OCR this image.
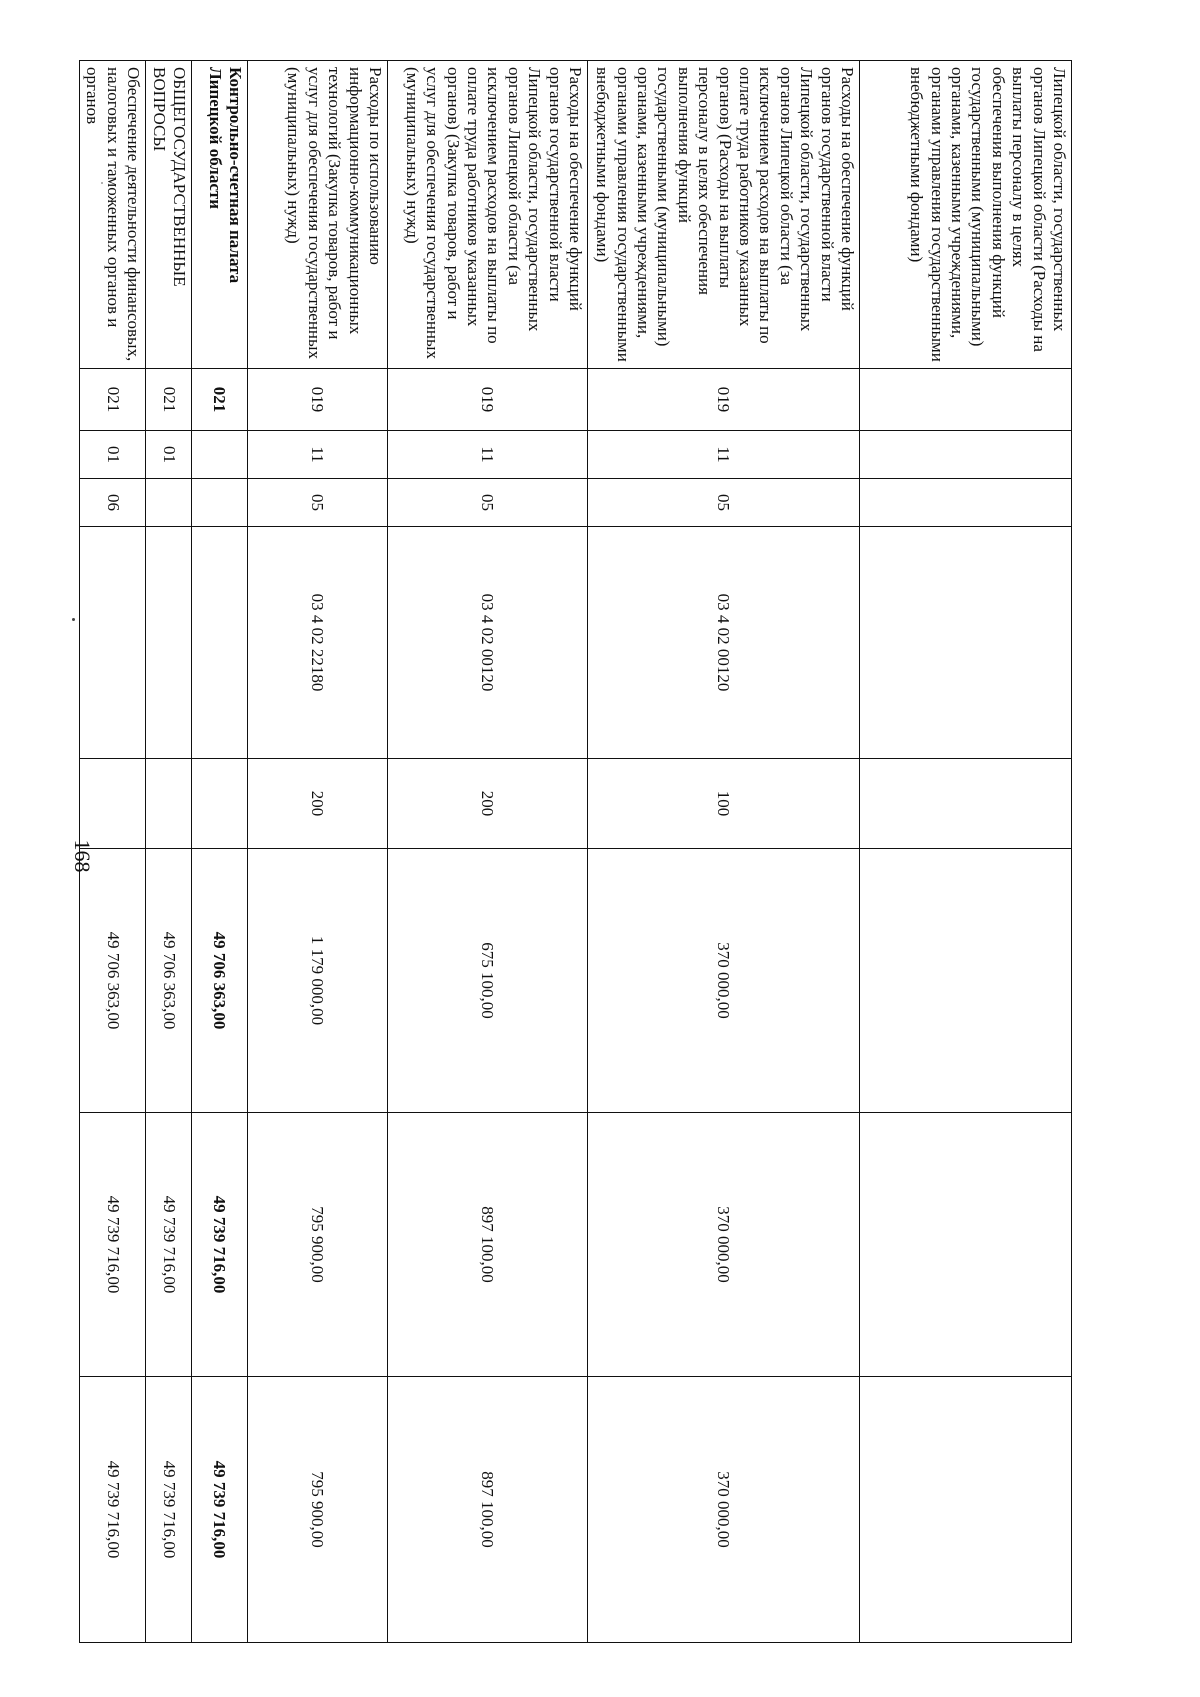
168
Липецкой области, государственных органов Липецкой области (Расходы на выплаты персоналу в целях обеспечения выполнения функций государственными (муниципальными) органами, казенными учреждениями, органами управления государственными внебюджетными фондами)								
Расходы на обеспечение функций органов государственной власти Липецкой области, государственных органов Липецкой области (за исключением расходов на выплаты по оплате труда работников указанных органов) (Расходы на выплаты персоналу в целях обеспечения выполнения функций государственными (муниципальными) органами, казенными учреждениями, органами управления государственными внебюджетными фондами)	019	11	05	03 4 02 00120	100	370 000,00	370 000,00	370 000,00
Расходы на обеспечение функций органов государственной власти Липецкой области, государственных органов Липецкой области (за исключением расходов на выплаты по оплате труда работников указанных органов) (Закупка товаров, работ и услуг для обеспечения государственных (муниципальных) нужд)	019	11	05	03 4 02 00120	200	675 100,00	897 100,00	897 100,00
Расходы по использованию информационно-коммуникационных технологий (Закупка товаров, работ и услуг для обеспечения государственных (муниципальных) нужд)	019	11	05	03 4 02 22180	200	1 179 000,00	795 900,00	795 900,00
Контрольно-счетная палата Липецкой области	021					49 706 363,00	49 739 716,00	49 739 716,00
ОБЩЕГОСУДАРСТВЕННЫЕ ВОПРОСЫ	021	01				49 706 363,00	49 739 716,00	49 739 716,00
Обеспечение деятельности финансовых, налоговых и таможенных органов и органов	021	01	06			49 706 363,00	49 739 716,00	49 739 716,00
